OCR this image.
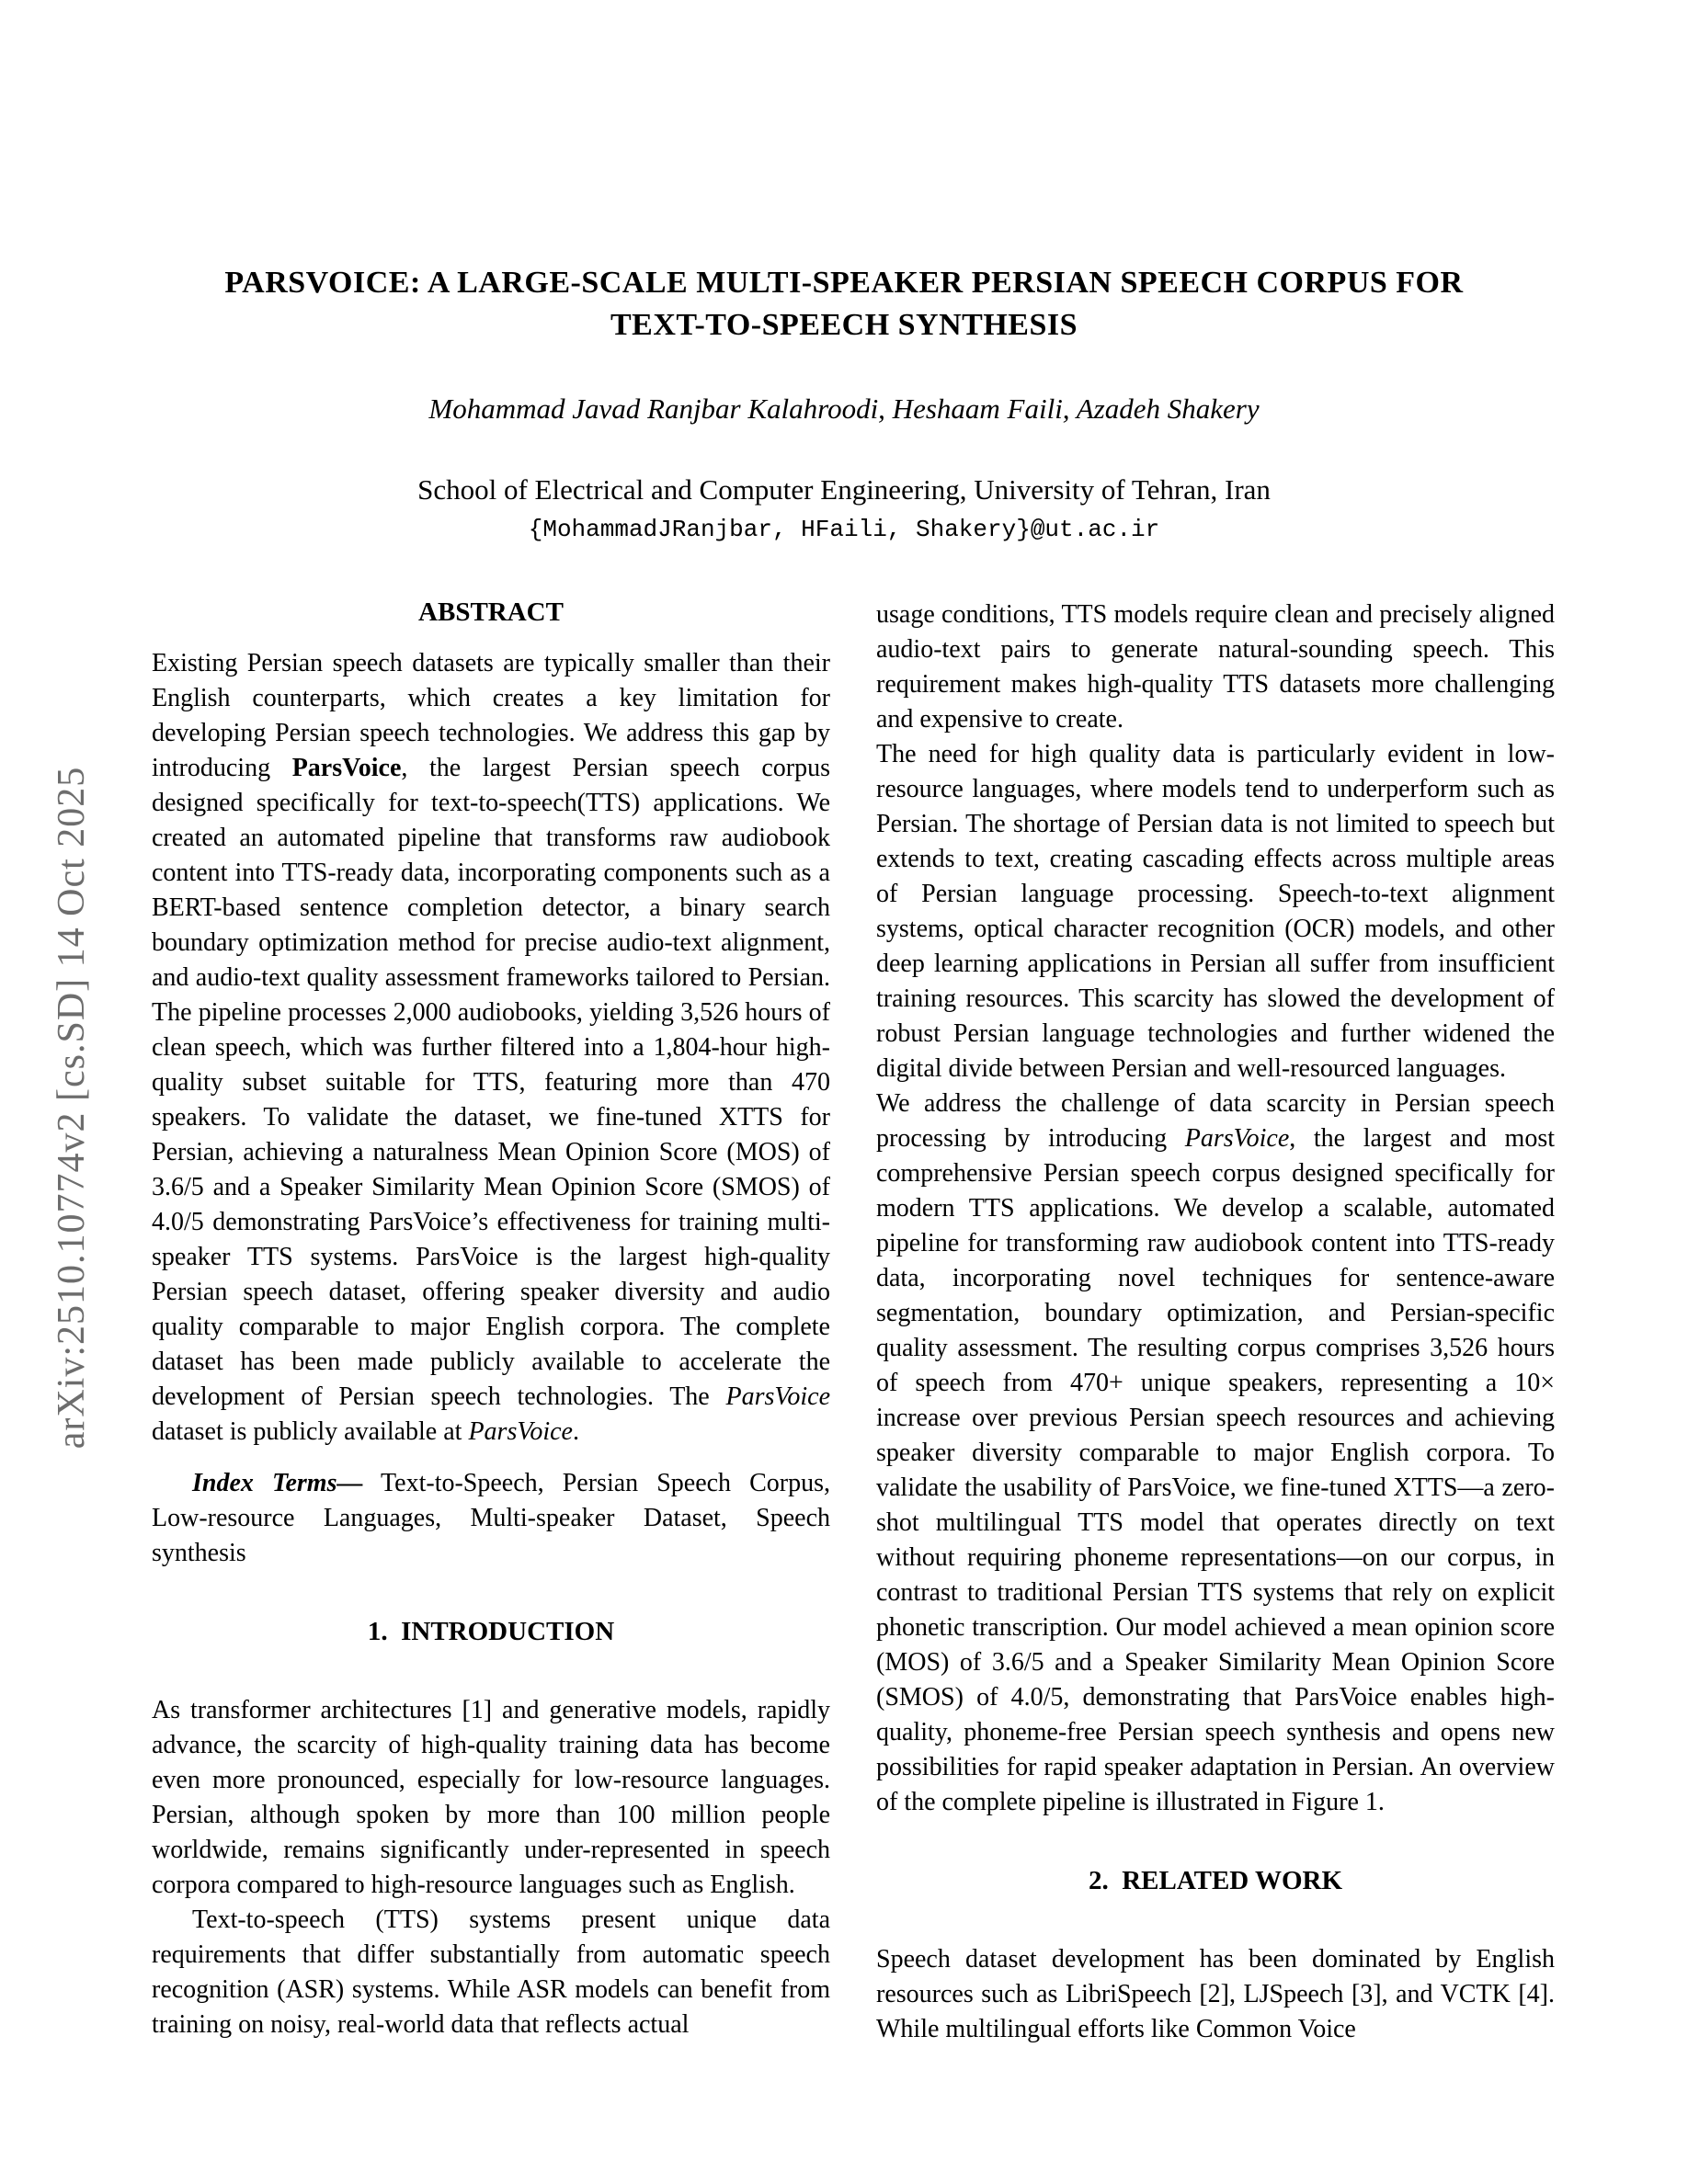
arXiv:2510.10774v2 [cs.SD] 14 Oct 2025
PARSVOICE: A LARGE-SCALE MULTI-SPEAKER PERSIAN SPEECH CORPUS FOR
TEXT-TO-SPEECH SYNTHESIS
Mohammad Javad Ranjbar Kalahroodi, Heshaam Faili, Azadeh Shakery
School of Electrical and Computer Engineering, University of Tehran, Iran
{MohammadJRanjbar, HFaili, Shakery}@ut.ac.ir
ABSTRACT

Existing Persian speech datasets are typically smaller than their English counterparts, which creates a key limitation for developing Persian speech technologies. We address this gap by introducing ParsVoice, the largest Persian speech corpus designed specifically for text-to-speech(TTS) applications. We created an automated pipeline that transforms raw audiobook content into TTS-ready data, incorporating components such as a BERT-based sentence completion detector, a binary search boundary optimization method for precise audio-text alignment, and audio-text quality assessment frameworks tailored to Persian. The pipeline processes 2,000 audiobooks, yielding 3,526 hours of clean speech, which was further filtered into a 1,804-hour high-quality subset suitable for TTS, featuring more than 470 speakers. To validate the dataset, we fine-tuned XTTS for Persian, achieving a naturalness Mean Opinion Score (MOS) of 3.6/5 and a Speaker Similarity Mean Opinion Score (SMOS) of 4.0/5 demonstrating ParsVoice’s effectiveness for training multi-speaker TTS systems. ParsVoice is the largest high-quality Persian speech dataset, offering speaker diversity and audio quality comparable to major English corpora. The complete dataset has been made publicly available to accelerate the development of Persian speech technologies. The ParsVoice dataset is publicly available at ParsVoice.

Index Terms— Text-to-Speech, Persian Speech Corpus, Low-resource Languages, Multi-speaker Dataset, Speech synthesis

1.  INTRODUCTION

As transformer architectures [1] and generative models, rapidly advance, the scarcity of high-quality training data has become even more pronounced, especially for low-resource languages. Persian, although spoken by more than 100 million people worldwide, remains significantly under-represented in speech corpora compared to high-resource languages such as English.

Text-to-speech (TTS) systems present unique data requirements that differ substantially from automatic speech recognition (ASR) systems. While ASR models can benefit from training on noisy, real-world data that reflects actual

usage conditions, TTS models require clean and precisely aligned audio-text pairs to generate natural-sounding speech. This requirement makes high-quality TTS datasets more challenging and expensive to create.

The need for high quality data is particularly evident in low-resource languages, where models tend to underperform such as Persian. The shortage of Persian data is not limited to speech but extends to text, creating cascading effects across multiple areas of Persian language processing. Speech-to-text alignment systems, optical character recognition (OCR) models, and other deep learning applications in Persian all suffer from insufficient training resources. This scarcity has slowed the development of robust Persian language technologies and further widened the digital divide between Persian and well-resourced languages.

We address the challenge of data scarcity in Persian speech processing by introducing ParsVoice, the largest and most comprehensive Persian speech corpus designed specifically for modern TTS applications. We develop a scalable, automated pipeline for transforming raw audiobook content into TTS-ready data, incorporating novel techniques for sentence-aware segmentation, boundary optimization, and Persian-specific quality assessment. The resulting corpus comprises 3,526 hours of speech from 470+ unique speakers, representing a 10× increase over previous Persian speech resources and achieving speaker diversity comparable to major English corpora. To validate the usability of ParsVoice, we fine-tuned XTTS—a zero-shot multilingual TTS model that operates directly on text without requiring phoneme representations—on our corpus, in contrast to traditional Persian TTS systems that rely on explicit phonetic transcription. Our model achieved a mean opinion score (MOS) of 3.6/5 and a Speaker Similarity Mean Opinion Score (SMOS) of 4.0/5, demonstrating that ParsVoice enables high-quality, phoneme-free Persian speech synthesis and opens new possibilities for rapid speaker adaptation in Persian. An overview of the complete pipeline is illustrated in Figure 1.

2.  RELATED WORK

Speech dataset development has been dominated by English resources such as LibriSpeech [2], LJSpeech [3], and VCTK [4]. While multilingual efforts like Common Voice
